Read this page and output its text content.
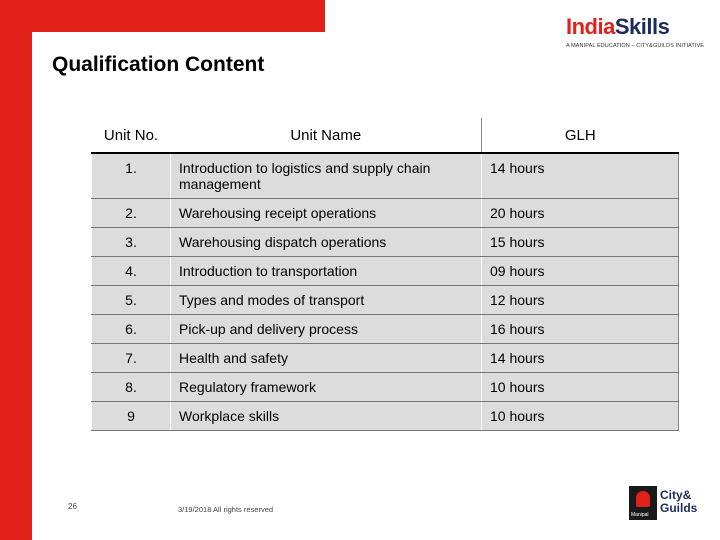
Qualification Content
IndiaSkills
A MANIPAL EDUCATION – CITY&GUILDS INITIATIVE
Unit No.	Unit Name	GLH
1.	Introduction to logistics and supply chain management	14 hours
2.	Warehousing receipt operations	20 hours
3.	Warehousing dispatch operations	15 hours
4.	Introduction to transportation	09 hours
5.	Types and modes of transport	12 hours
6.	Pick-up and delivery process	16 hours
7.	Health and safety	14 hours
8.	Regulatory framework	10 hours
9	Workplace skills	10 hours
26	3/19/2018 All rights reserved
Manipal
City&
Guilds
